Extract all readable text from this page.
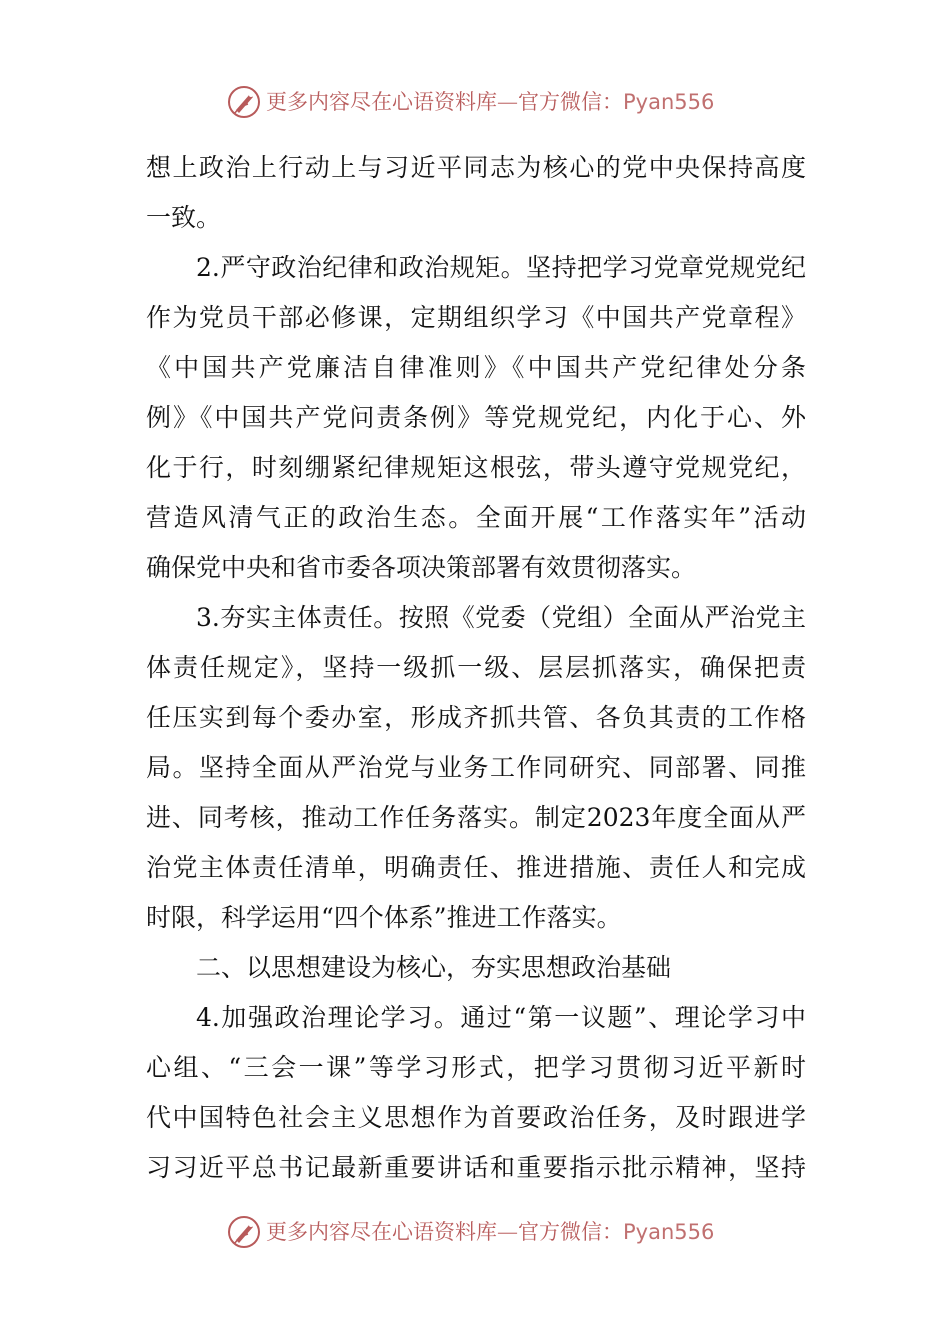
更多内容尽在心语资料库—官方微信：Pyan556
想上政治上行动上与习近平同志为核心的党中央保持高度
一致。
2.严守政治纪律和政治规矩。坚持把学习党章党规党纪
作为党员干部必修课，定期组织学习《中国共产党章程》
《中国共产党廉洁自律准则》《中国共产党纪律处分条
例》《中国共产党问责条例》等党规党纪，内化于心、外
化于行，时刻绷紧纪律规矩这根弦，带头遵守党规党纪，
营造风清气正的政治生态。全面开展“工作落实年”活动
确保党中央和省市委各项决策部署有效贯彻落实。
3.夯实主体责任。按照《党委（党组）全面从严治党主
体责任规定》，坚持一级抓一级、层层抓落实，确保把责
任压实到每个委办室，形成齐抓共管、各负其责的工作格
局。坚持全面从严治党与业务工作同研究、同部署、同推
进、同考核，推动工作任务落实。制定2023年度全面从严
治党主体责任清单，明确责任、推进措施、责任人和完成
时限，科学运用“四个体系”推进工作落实。
二、以思想建设为核心，夯实思想政治基础
4.加强政治理论学习。通过“第一议题”、理论学习中
心组、“三会一课”等学习形式，把学习贯彻习近平新时
代中国特色社会主义思想作为首要政治任务，及时跟进学
习习近平总书记最新重要讲话和重要指示批示精神，坚持
更多内容尽在心语资料库—官方微信：Pyan556
